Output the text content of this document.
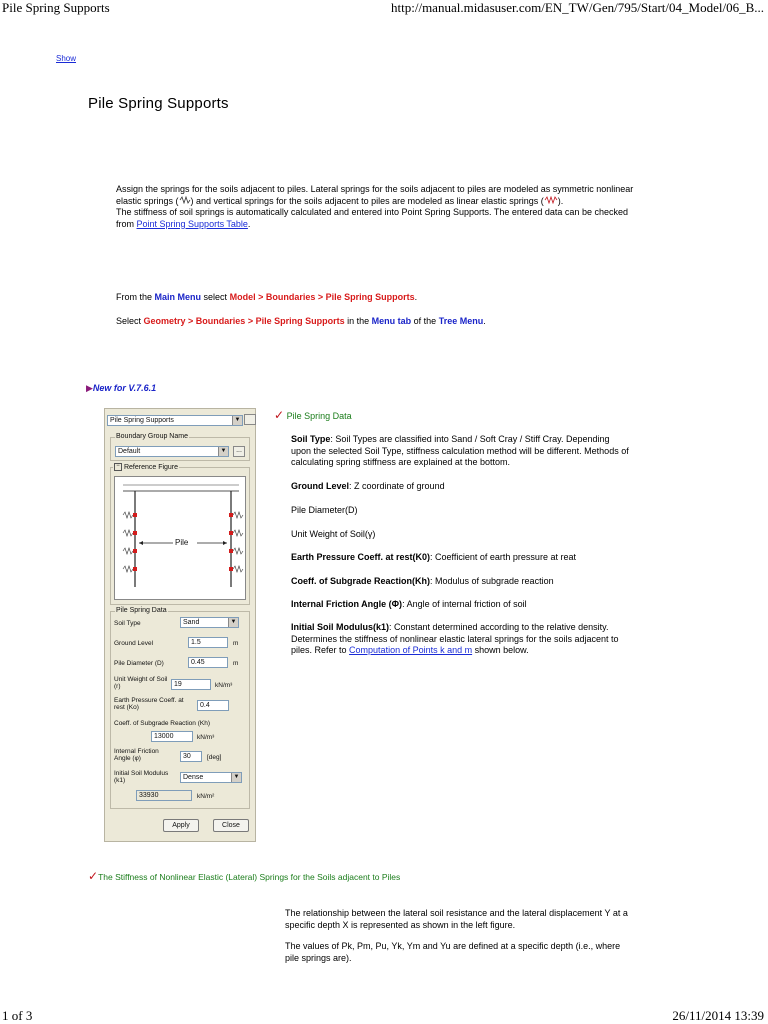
Pile Spring Supports	http://manual.midasuser.com/EN_TW/Gen/795/Start/04_Model/06_B...
Show
Pile Spring Supports
Assign the springs for the soils adjacent to piles. Lateral springs for the soils adjacent to piles are modeled as symmetric nonlinear
elastic springs ( ) and vertical springs for the soils adjacent to piles are modeled as linear elastic springs ( ).
The stiffness of soil springs is automatically calculated and entered into Point Spring Supports. The entered data can be checked
from Point Spring Supports Table.
From the Main Menu select Model > Boundaries > Pile Spring Supports.
Select Geometry > Boundaries > Pile Spring Supports in the Menu tab of the Tree Menu.
▶New for V.7.6.1
Pile Spring Supports	▼
Boundary Group Name
Default	▼	...
− Reference Figure
Pile
Pile Spring Data
Soil Type	Sand	▼
Ground Level	1.5	m
Pile Diameter (D)	0.45	m
Unit Weight of Soil (r)	19	kN/m³
Earth Pressure Coeff. at rest (Ko)	0.4
Coeff. of Subgrade Reaction (Kh)
13000	kN/m³
Internal Friction Angle (φ)	30	[deg]
Initial Soil Modulus (k1)	Dense	▼
33930	kN/m²
Apply	Close
✓ Pile Spring Data
Soil Type: Soil Types are classified into Sand / Soft Cray / Stiff Cray. Depending upon the selected Soil Type, stiffness calculation method will be different. Methods of calculating spring stiffness are explained at the bottom.
Ground Level: Z coordinate of ground
Pile Diameter(D)
Unit Weight of Soil(γ)
Earth Pressure Coeff. at rest(K0): Coefficient of earth pressure at reat
Coeff. of Subgrade Reaction(Kh): Modulus of subgrade reaction
Internal Friction Angle (Φ): Angle of internal friction of soil
Initial Soil Modulus(k1): Constant determined according to the relative density. Determines the stiffness of nonlinear elastic lateral springs for the soils adjacent to piles. Refer to Computation of Points k and m shown below.
✓The Stiffness of Nonlinear Elastic (Lateral) Springs for the Soils adjacent to Piles

The relationship between the lateral soil resistance and the lateral displacement Y at a specific depth X is represented as shown in the left figure.

The values of Pk, Pm, Pu, Yk, Ym and Yu are defined at a specific depth (i.e., where pile springs are).

1 of 3	26/11/2014 13:39
